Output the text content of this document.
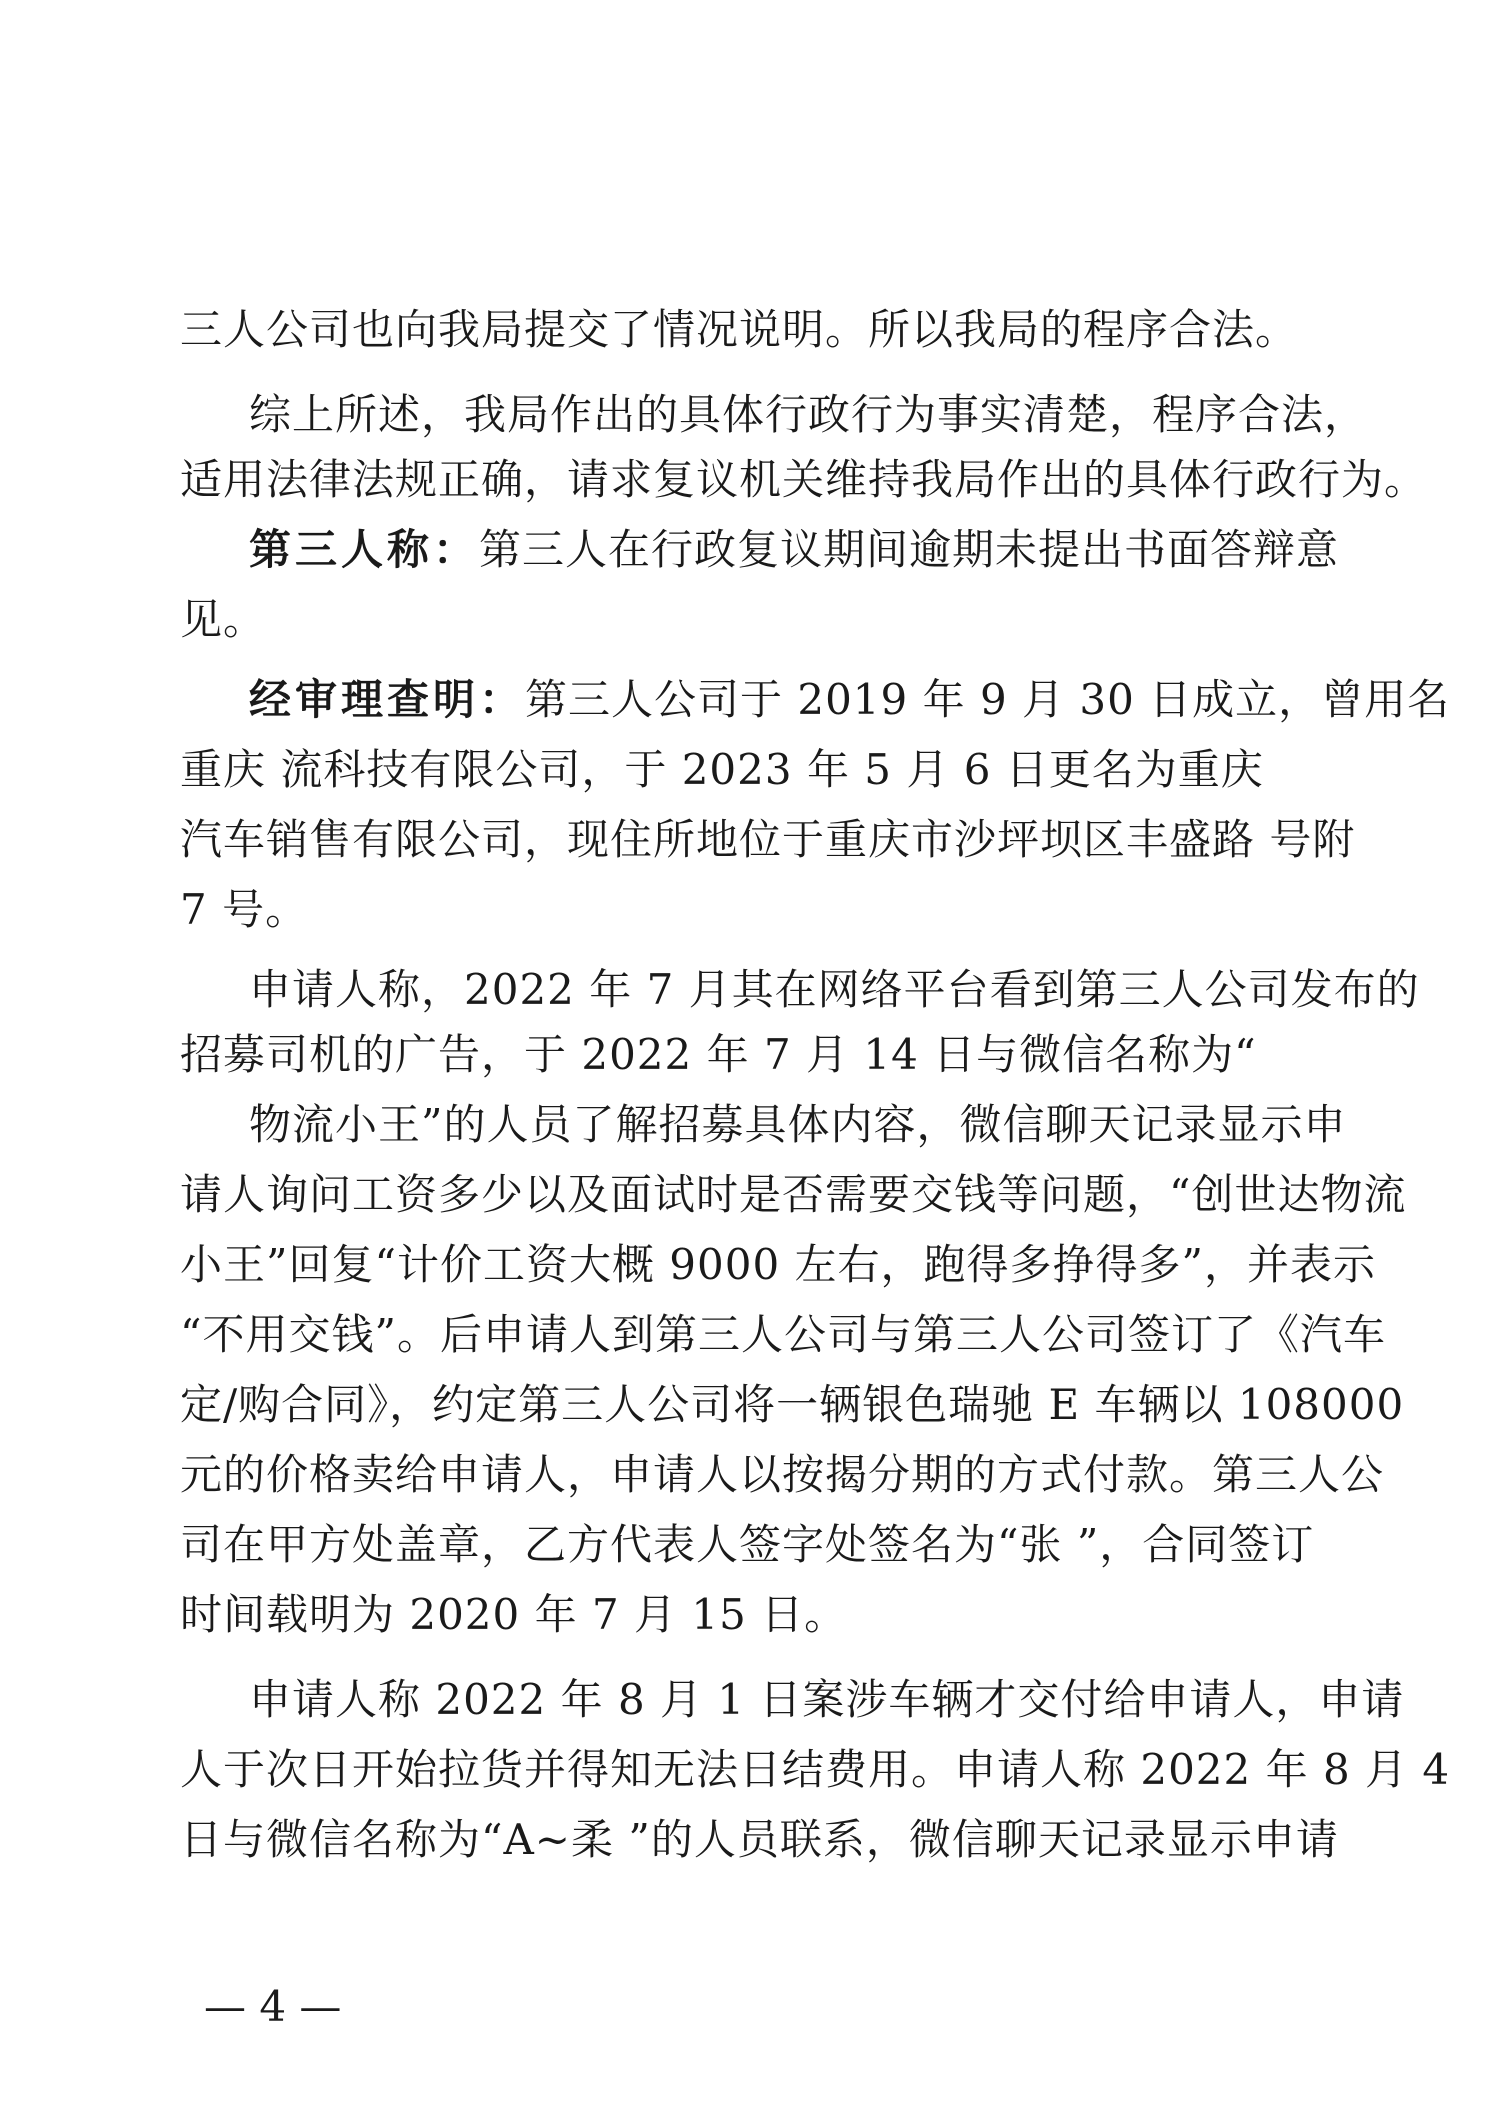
三人公司也向我局提交了情况说明。所以我局的程序合法。
综上所述，我局作出的具体行政行为事实清楚，程序合法，
适用法律法规正确，请求复议机关维持我局作出的具体行政行为。
第三人称：第三人在行政复议期间逾期未提出书面答辩意
见。
经审理查明：第三人公司于 2019 年 9 月 30 日成立，曾用名
重庆 流科技有限公司，于 2023 年 5 月 6 日更名为重庆
汽车销售有限公司，现住所地位于重庆市沙坪坝区丰盛路 号附
7 号。
申请人称，2022 年 7 月其在网络平台看到第三人公司发布的
招募司机的广告，于 2022 年 7 月 14 日与微信名称为“
物流小王”的人员了解招募具体内容，微信聊天记录显示申
请人询问工资多少以及面试时是否需要交钱等问题，“创世达物流
小王”回复“计价工资大概 9000 左右，跑得多挣得多”，并表示
“不用交钱”。后申请人到第三人公司与第三人公司签订了《汽车
定/购合同》，约定第三人公司将一辆银色瑞驰 E 车辆以 108000
元的价格卖给申请人，申请人以按揭分期的方式付款。第三人公
司在甲方处盖章，乙方代表人签字处签名为“张 ”，合同签订
时间载明为 2020 年 7 月 15 日。
申请人称 2022 年 8 月 1 日案涉车辆才交付给申请人，申请
人于次日开始拉货并得知无法日结费用。申请人称 2022 年 8 月 4
日与微信名称为“A~柔 ”的人员联系，微信聊天记录显示申请
— 4 —
